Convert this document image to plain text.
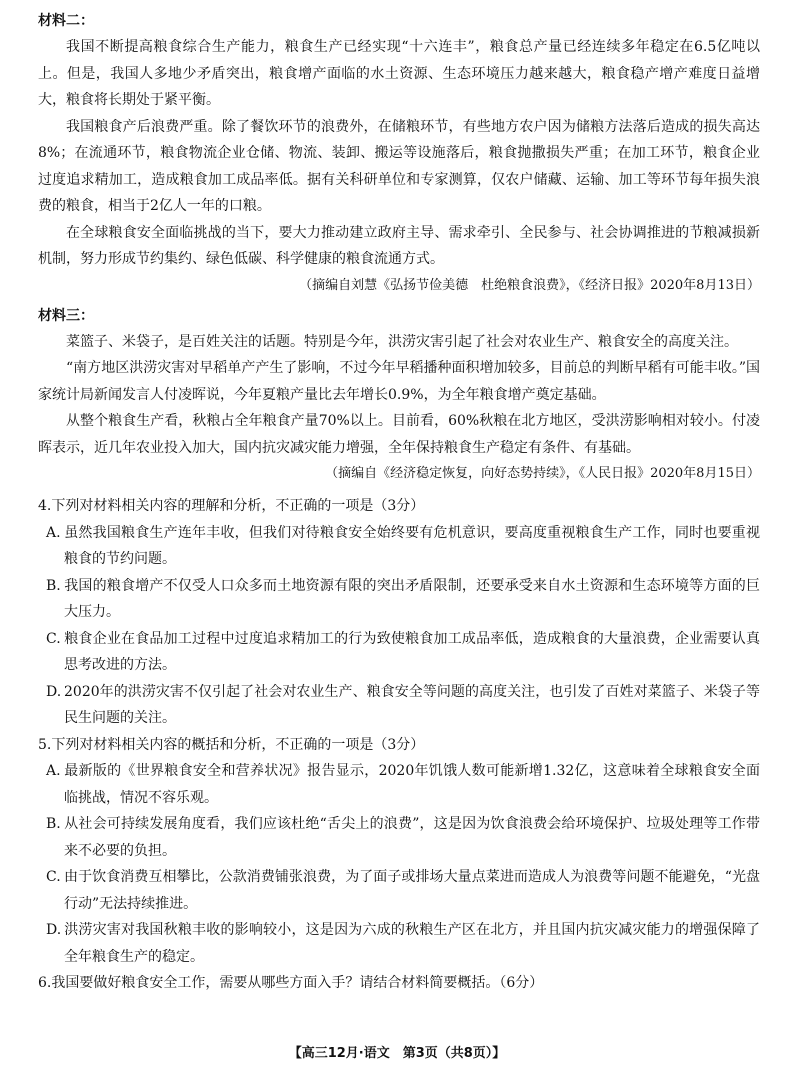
材料二：

我国不断提高粮食综合生产能力，粮食生产已经实现“十六连丰”，粮食总产量已经连续多年稳定在6.5亿吨以上。但是，我国人多地少矛盾突出，粮食增产面临的水土资源、生态环境压力越来越大，粮食稳产增产难度日益增大，粮食将长期处于紧平衡。

我国粮食产后浪费严重。除了餐饮环节的浪费外，在储粮环节，有些地方农户因为储粮方法落后造成的损失高达8%；在流通环节，粮食物流企业仓储、物流、装卸、搬运等设施落后，粮食抛撒损失严重；在加工环节，粮食企业过度追求精加工，造成粮食加工成品率低。据有关科研单位和专家测算，仅农户储藏、运输、加工等环节每年损失浪费的粮食，相当于2亿人一年的口粮。

在全球粮食安全面临挑战的当下，要大力推动建立政府主导、需求牵引、全民参与、社会协调推进的节粮减损新机制，努力形成节约集约、绿色低碳、科学健康的粮食流通方式。

（摘编自刘慧《弘扬节俭美德　杜绝粮食浪费》，《经济日报》2020年8月13日）

材料三：

菜篮子、米袋子，是百姓关注的话题。特别是今年，洪涝灾害引起了社会对农业生产、粮食安全的高度关注。

“南方地区洪涝灾害对早稻单产产生了影响，不过今年早稻播种面积增加较多，目前总的判断早稻有可能丰收。”国家统计局新闻发言人付凌晖说，今年夏粮产量比去年增长0.9%，为全年粮食增产奠定基础。

从整个粮食生产看，秋粮占全年粮食产量70%以上。目前看，60%秋粮在北方地区，受洪涝影响相对较小。付凌晖表示，近几年农业投入加大，国内抗灾减灾能力增强，全年保持粮食生产稳定有条件、有基础。

（摘编自《经济稳定恢复，向好态势持续》，《人民日报》2020年8月15日）

4.下列对材料相关内容的理解和分析，不正确的一项是（3分）

A. 虽然我国粮食生产连年丰收，但我们对待粮食安全始终要有危机意识，要高度重视粮食生产工作，同时也要重视粮食的节约问题。

B. 我国的粮食增产不仅受人口众多而土地资源有限的突出矛盾限制，还要承受来自水土资源和生态环境等方面的巨大压力。

C. 粮食企业在食品加工过程中过度追求精加工的行为致使粮食加工成品率低，造成粮食的大量浪费，企业需要认真思考改进的方法。

D. 2020年的洪涝灾害不仅引起了社会对农业生产、粮食安全等问题的高度关注，也引发了百姓对菜篮子、米袋子等民生问题的关注。

5.下列对材料相关内容的概括和分析，不正确的一项是（3分）

A. 最新版的《世界粮食安全和营养状况》报告显示，2020年饥饿人数可能新增1.32亿，这意味着全球粮食安全面临挑战，情况不容乐观。

B. 从社会可持续发展角度看，我们应该杜绝“舌尖上的浪费”，这是因为饮食浪费会给环境保护、垃圾处理等工作带来不必要的负担。

C. 由于饮食消费互相攀比，公款消费铺张浪费，为了面子或排场大量点菜进而造成人为浪费等问题不能避免，“光盘行动”无法持续推进。

D. 洪涝灾害对我国秋粮丰收的影响较小，这是因为六成的秋粮生产区在北方，并且国内抗灾减灾能力的增强保障了全年粮食生产的稳定。

6.我国要做好粮食安全工作，需要从哪些方面入手？请结合材料简要概括。（6分）

【高三12月·语文　第3页（共8页）】
